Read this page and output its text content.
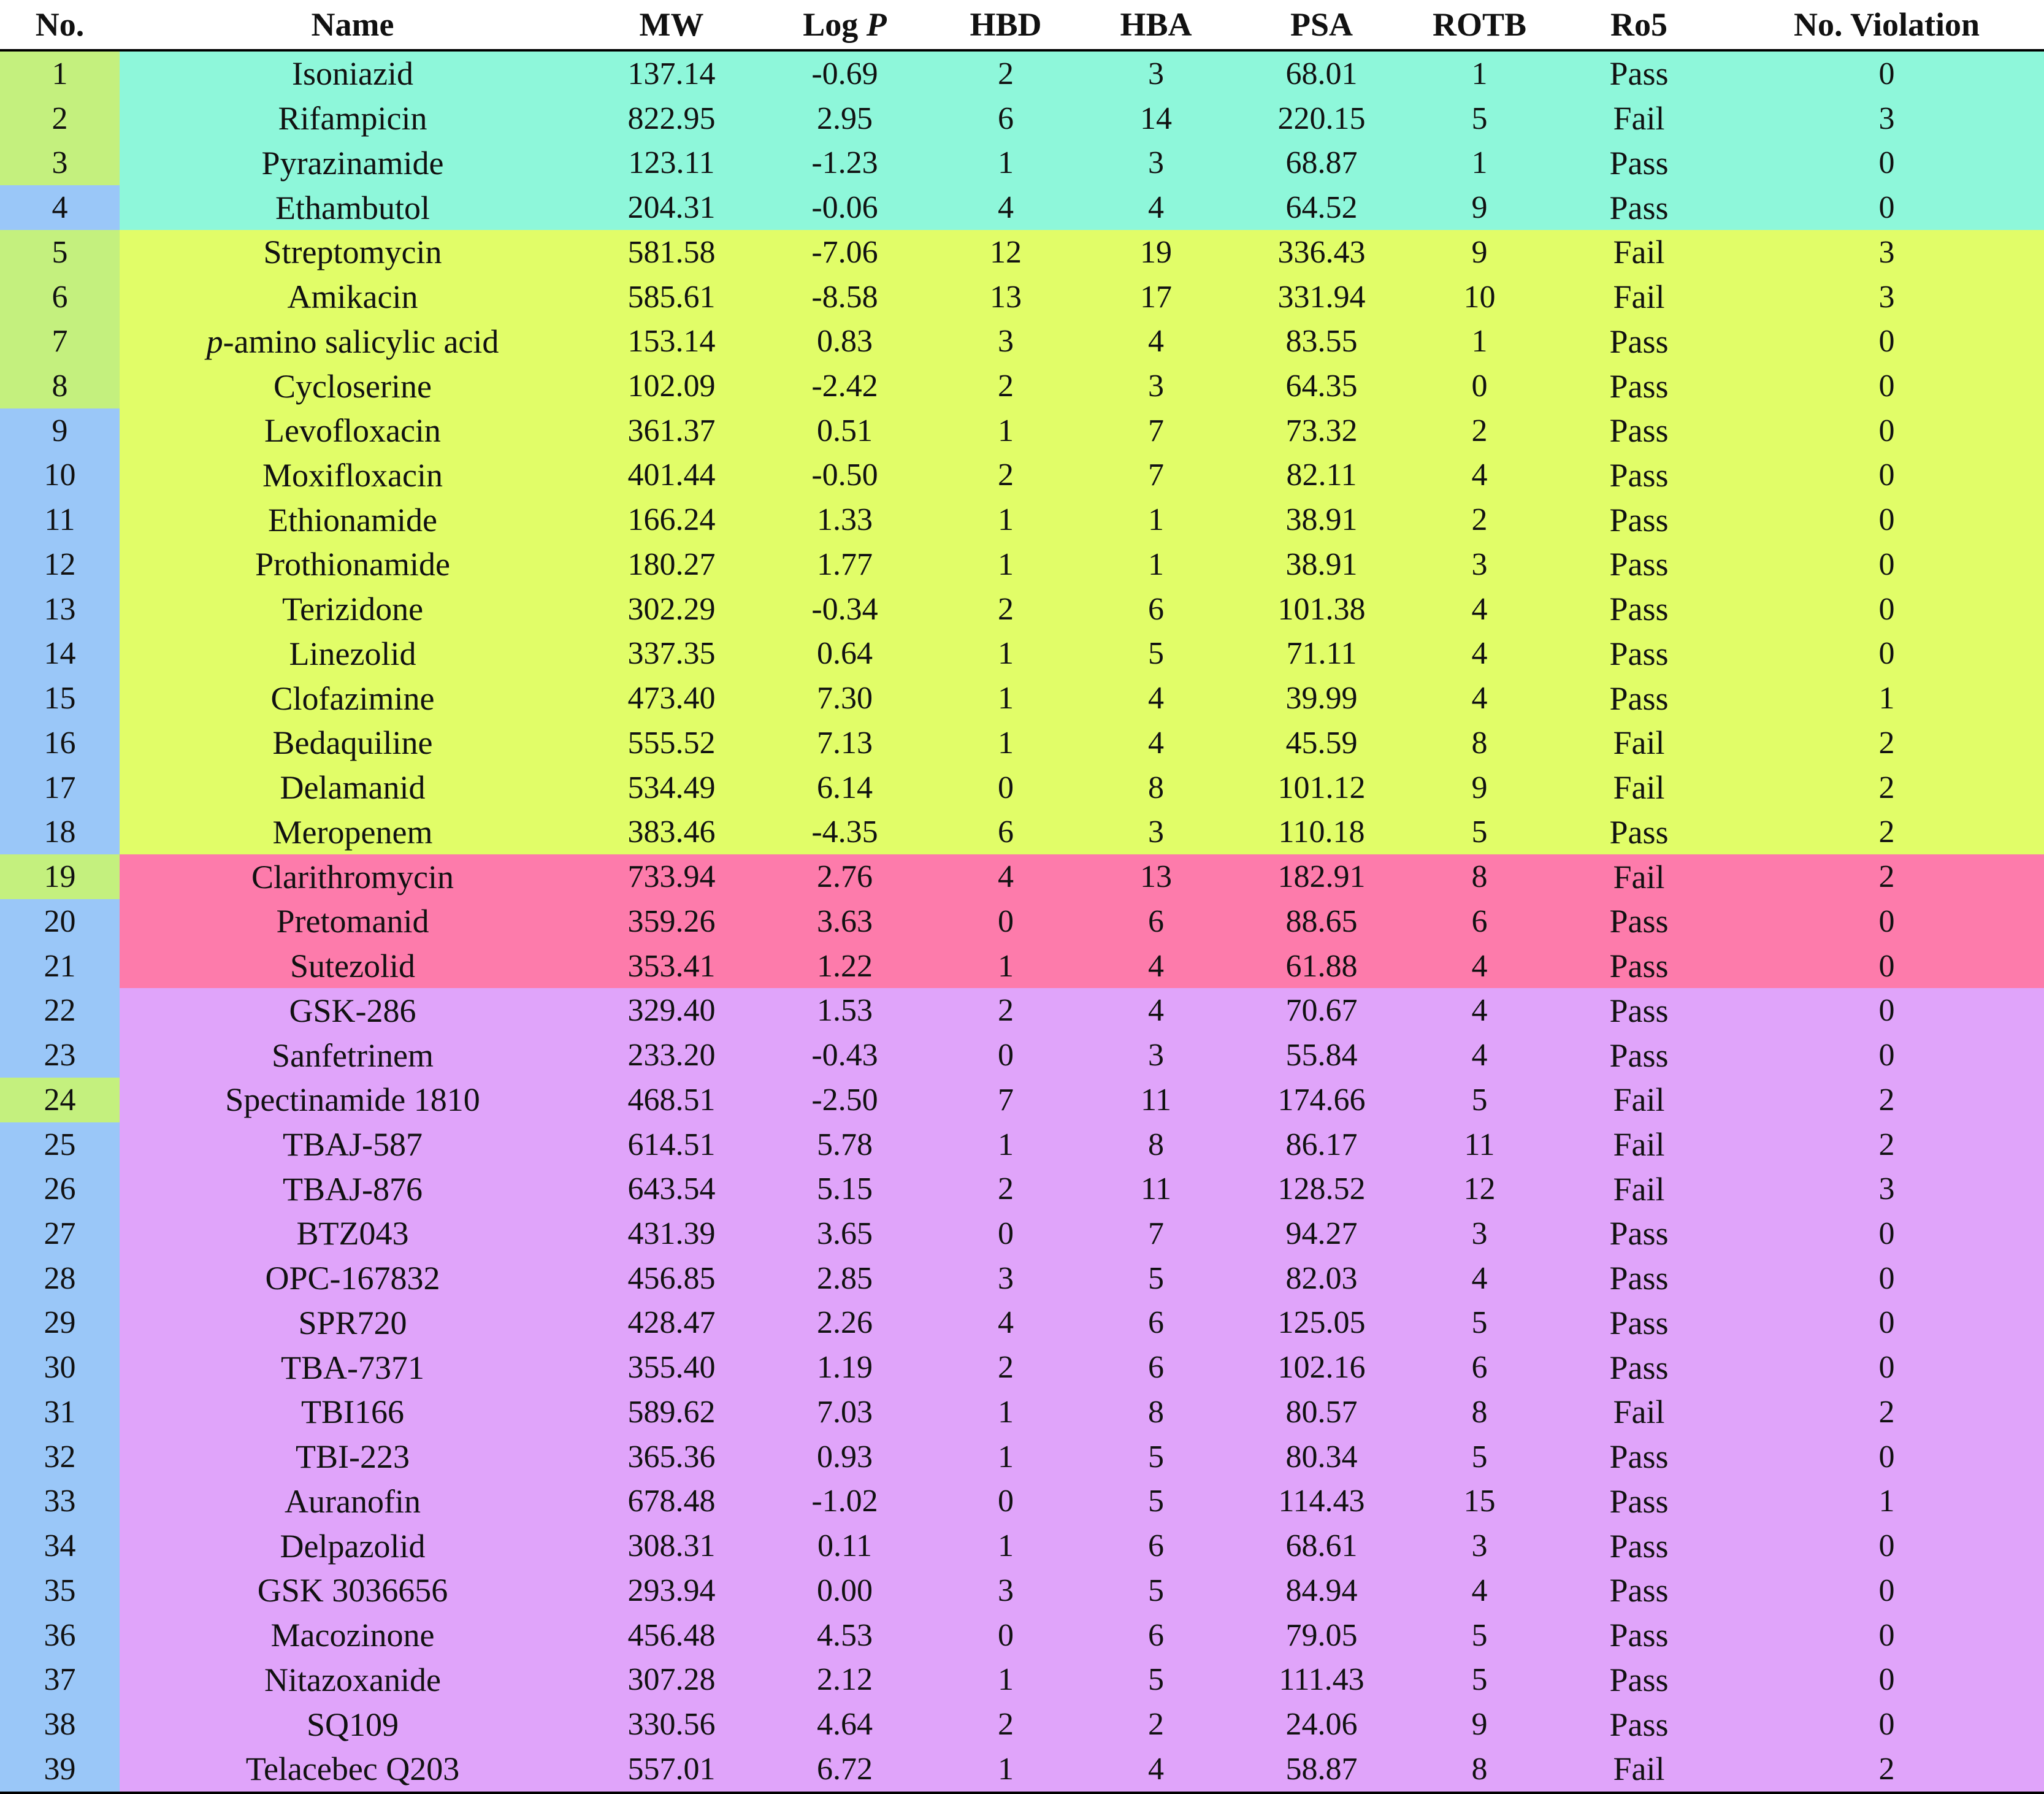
No.	Name	MW	Log P	HBD	HBA	PSA	ROTB	Ro5	No. Violation
1	Isoniazid	137.14	-0.69	2	3	68.01	1	Pass	0
2	Rifampicin	822.95	2.95	6	14	220.15	5	Fail	3
3	Pyrazinamide	123.11	-1.23	1	3	68.87	1	Pass	0
4	Ethambutol	204.31	-0.06	4	4	64.52	9	Pass	0
5	Streptomycin	581.58	-7.06	12	19	336.43	9	Fail	3
6	Amikacin	585.61	-8.58	13	17	331.94	10	Fail	3
7	p-amino salicylic acid	153.14	0.83	3	4	83.55	1	Pass	0
8	Cycloserine	102.09	-2.42	2	3	64.35	0	Pass	0
9	Levofloxacin	361.37	0.51	1	7	73.32	2	Pass	0
10	Moxifloxacin	401.44	-0.50	2	7	82.11	4	Pass	0
11	Ethionamide	166.24	1.33	1	1	38.91	2	Pass	0
12	Prothionamide	180.27	1.77	1	1	38.91	3	Pass	0
13	Terizidone	302.29	-0.34	2	6	101.38	4	Pass	0
14	Linezolid	337.35	0.64	1	5	71.11	4	Pass	0
15	Clofazimine	473.40	7.30	1	4	39.99	4	Pass	1
16	Bedaquiline	555.52	7.13	1	4	45.59	8	Fail	2
17	Delamanid	534.49	6.14	0	8	101.12	9	Fail	2
18	Meropenem	383.46	-4.35	6	3	110.18	5	Pass	2
19	Clarithromycin	733.94	2.76	4	13	182.91	8	Fail	2
20	Pretomanid	359.26	3.63	0	6	88.65	6	Pass	0
21	Sutezolid	353.41	1.22	1	4	61.88	4	Pass	0
22	GSK-286	329.40	1.53	2	4	70.67	4	Pass	0
23	Sanfetrinem	233.20	-0.43	0	3	55.84	4	Pass	0
24	Spectinamide 1810	468.51	-2.50	7	11	174.66	5	Fail	2
25	TBAJ-587	614.51	5.78	1	8	86.17	11	Fail	2
26	TBAJ-876	643.54	5.15	2	11	128.52	12	Fail	3
27	BTZ043	431.39	3.65	0	7	94.27	3	Pass	0
28	OPC-167832	456.85	2.85	3	5	82.03	4	Pass	0
29	SPR720	428.47	2.26	4	6	125.05	5	Pass	0
30	TBA-7371	355.40	1.19	2	6	102.16	6	Pass	0
31	TBI166	589.62	7.03	1	8	80.57	8	Fail	2
32	TBI-223	365.36	0.93	1	5	80.34	5	Pass	0
33	Auranofin	678.48	-1.02	0	5	114.43	15	Pass	1
34	Delpazolid	308.31	0.11	1	6	68.61	3	Pass	0
35	GSK 3036656	293.94	0.00	3	5	84.94	4	Pass	0
36	Macozinone	456.48	4.53	0	6	79.05	5	Pass	0
37	Nitazoxanide	307.28	2.12	1	5	111.43	5	Pass	0
38	SQ109	330.56	4.64	2	2	24.06	9	Pass	0
39	Telacebec Q203	557.01	6.72	1	4	58.87	8	Fail	2
